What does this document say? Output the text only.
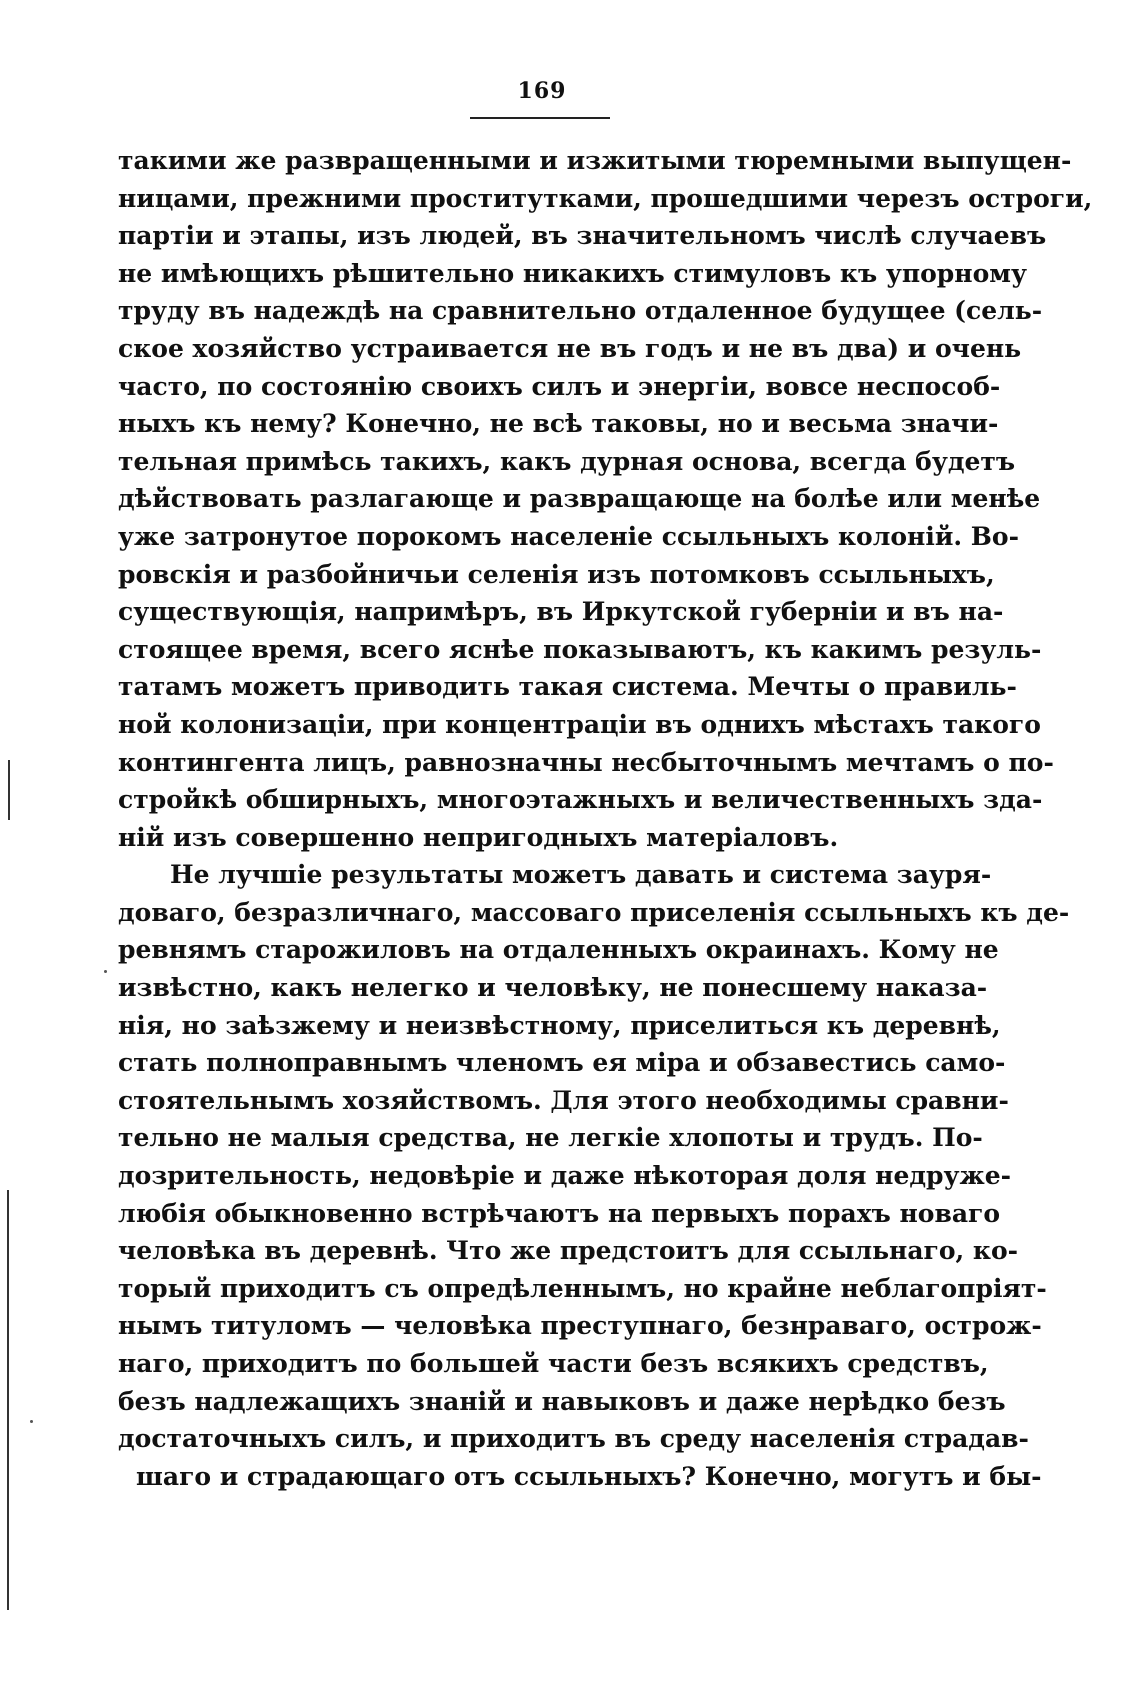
169
такими же развращенными и изжитыми тюремными выпущен-
ницами, прежними проститутками, прошедшими черезъ остроги,
партіи и этапы, изъ людей, въ значительномъ числѣ случаевъ
не имѣющихъ рѣшительно никакихъ стимуловъ къ упорному
труду въ надеждѣ на сравнительно отдаленное будущее (сель-
ское хозяйство устраивается не въ годъ и не въ два) и очень
часто, по состоянію своихъ силъ и энергіи, вовсе неспособ-
ныхъ къ нему? Конечно, не всѣ таковы, но и весьма значи-
тельная примѣсь такихъ, какъ дурная основа, всегда будетъ
дѣйствовать разлагающе и развращающе на болѣе или менѣе
уже затронутое порокомъ населеніе ссыльныхъ колоній. Во-
ровскія и разбойничьи селенія изъ потомковъ ссыльныхъ,
существующія, напримѣръ, въ Иркутской губерніи и въ на-
стоящее время, всего яснѣе показываютъ, къ какимъ резуль-
татамъ можетъ приводить такая система. Мечты о правиль-
ной колонизаціи, при концентраціи въ однихъ мѣстахъ такого
контингента лицъ, равнозначны несбыточнымъ мечтамъ о по-
стройкѣ обширныхъ, многоэтажныхъ и величественныхъ зда-
ній изъ совершенно непригодныхъ матеріаловъ.
Не лучшіе результаты можетъ давать и система зауря-
доваго, безразличнаго, массоваго приселенія ссыльныхъ къ де-
ревнямъ старожиловъ на отдаленныхъ окраинахъ. Кому не
извѣстно, какъ нелегко и человѣку, не понесшему наказа-
нія, но заѣзжему и неизвѣстному, приселиться къ деревнѣ,
стать полноправнымъ членомъ ея міра и обзавестись само-
стоятельнымъ хозяйствомъ. Для этого необходимы сравни-
тельно не малыя средства, не легкіе хлопоты и трудъ. По-
дозрительность, недовѣріе и даже нѣкоторая доля недруже-
любія обыкновенно встрѣчаютъ на первыхъ порахъ новаго
человѣка въ деревнѣ. Что же предстоитъ для ссыльнаго, ко-
торый приходитъ съ опредѣленнымъ, но крайне неблагопріят-
нымъ титуломъ — человѣка преступнаго, безнраваго, острож-
наго, приходитъ по большей части безъ всякихъ средствъ,
безъ надлежащихъ знаній и навыковъ и даже нерѣдко безъ
достаточныхъ силъ, и приходитъ въ среду населенія страдав-
шаго и страдающаго отъ ссыльныхъ? Конечно, могутъ и бы-
